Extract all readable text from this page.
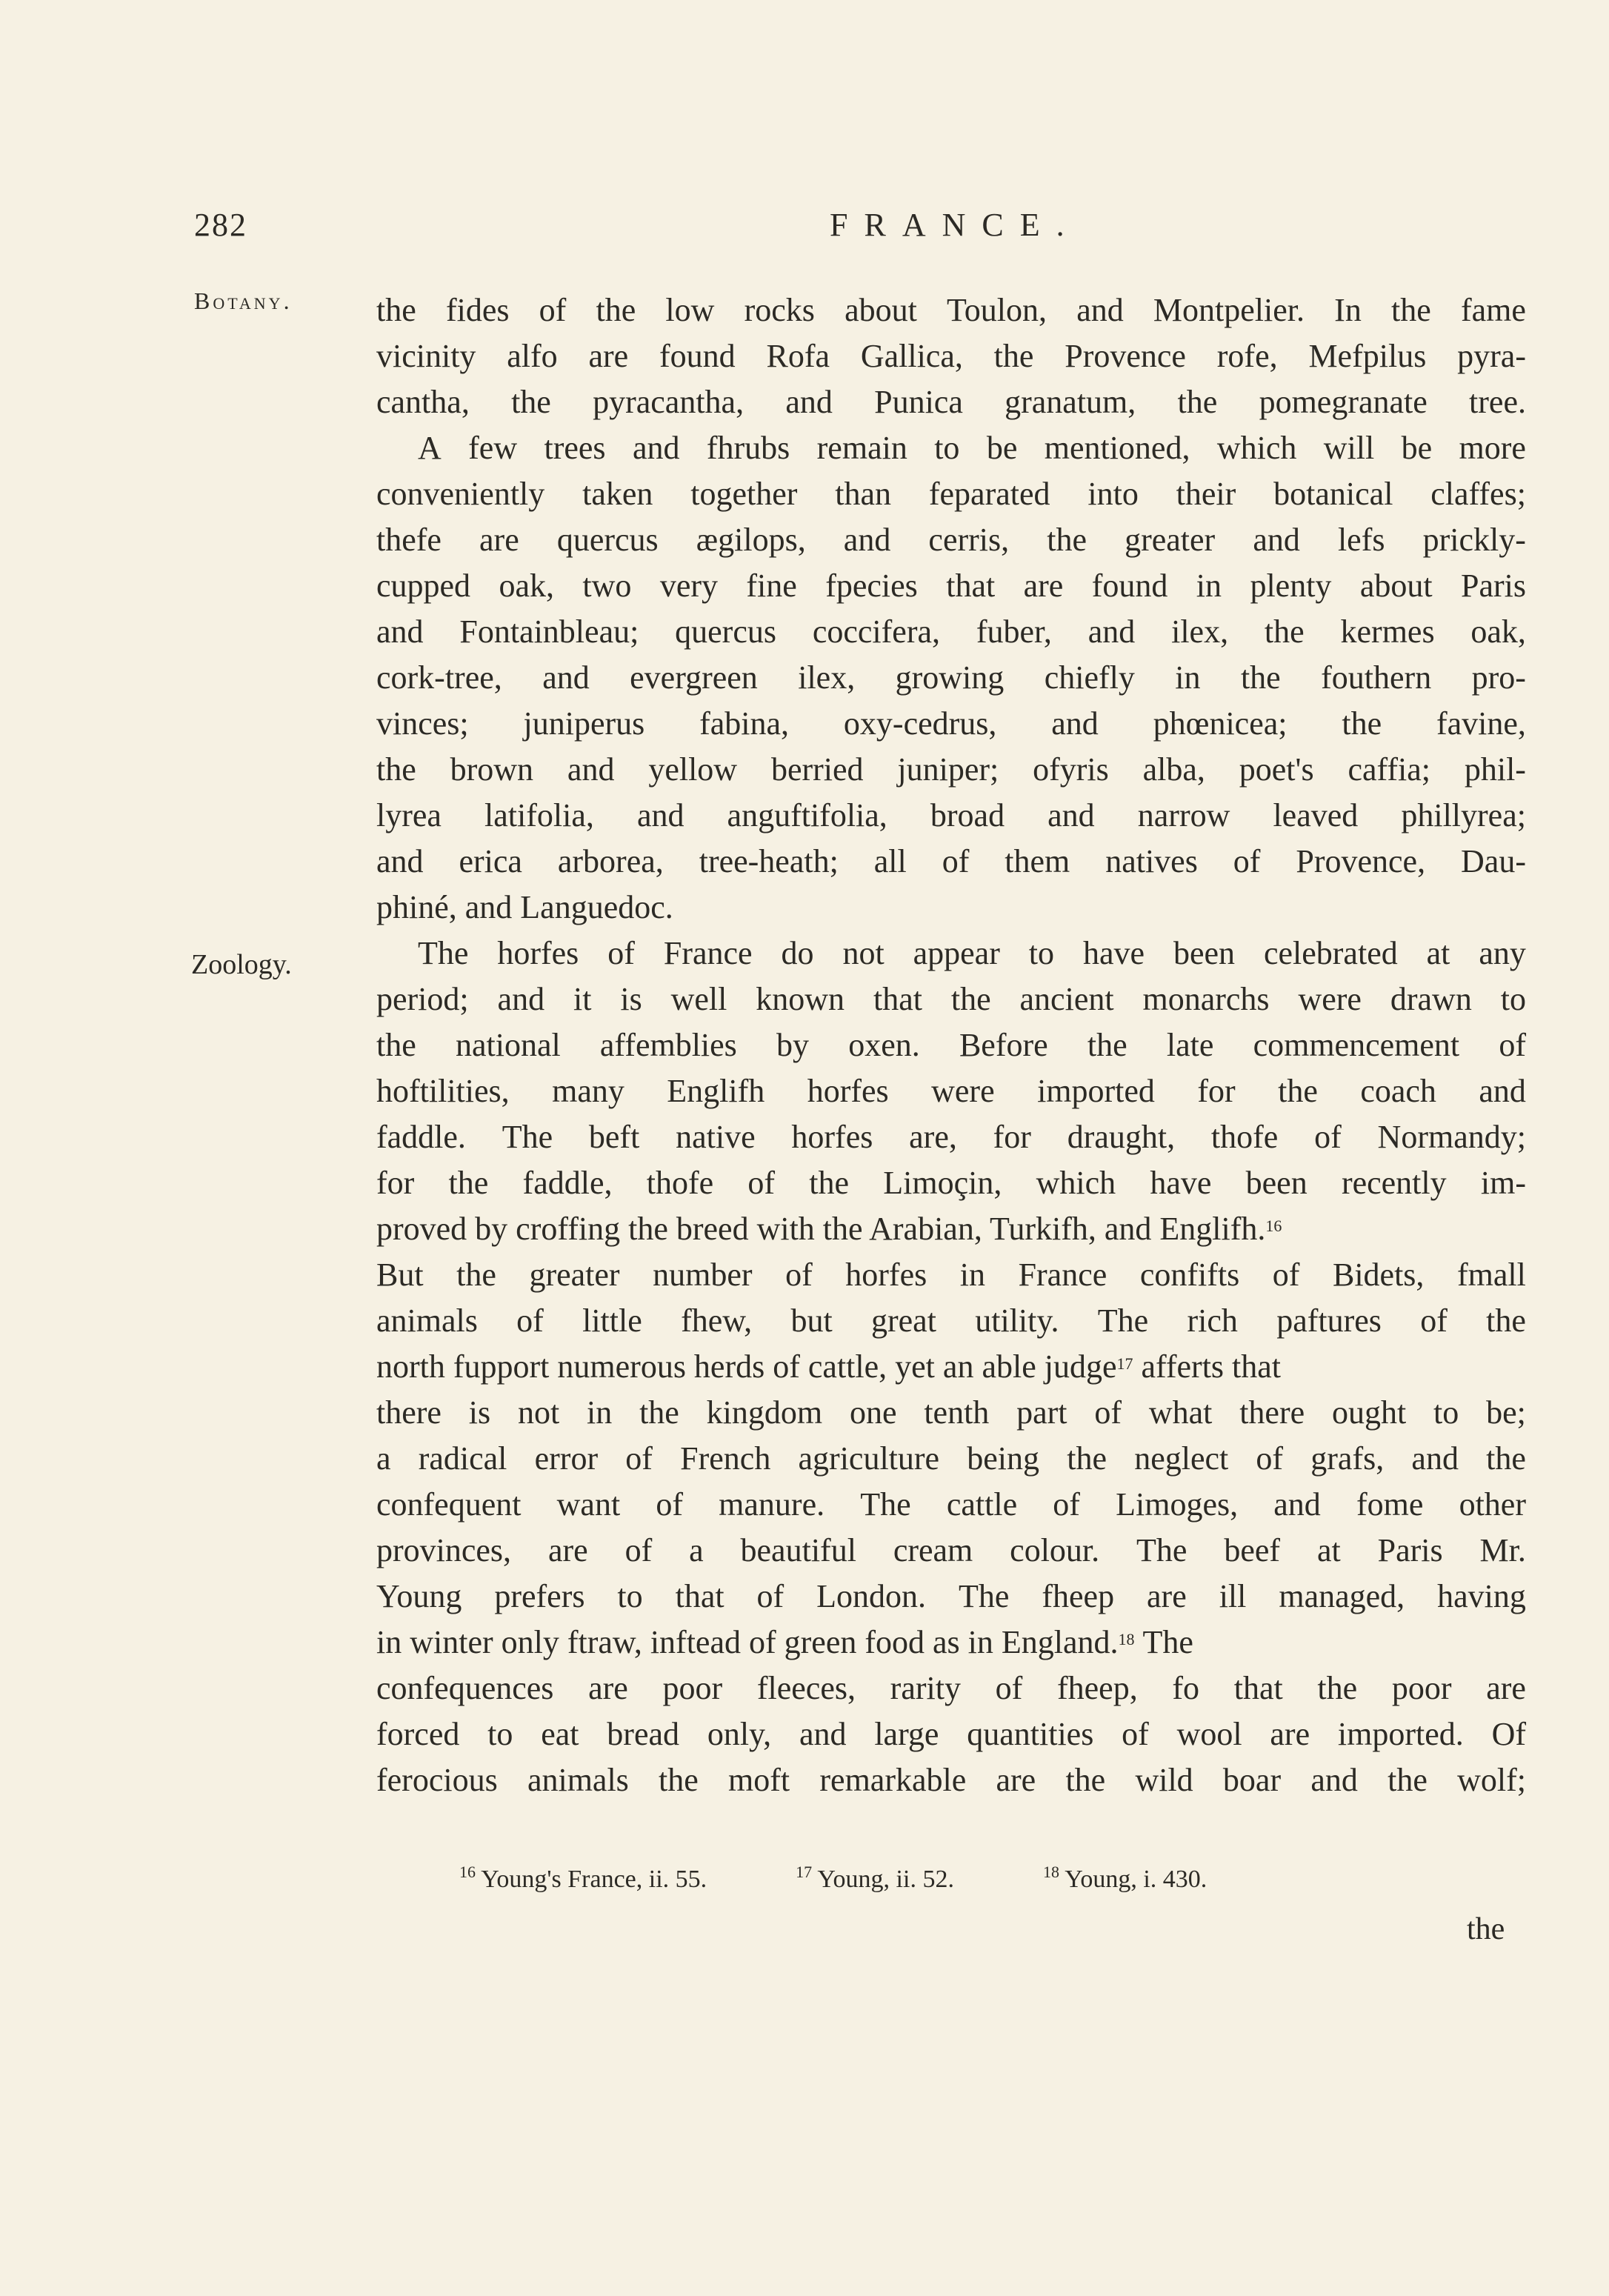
282	FRANCE.
Botany.
Zoology.
the fides of the low rocks about Toulon, and Montpelier. In the fame
vicinity alfo are found Rofa Gallica, the Provence rofe, Mefpilus pyra-
cantha, the pyracantha, and Punica granatum, the pomegranate tree.
A few trees and fhrubs remain to be mentioned, which will be more
conveniently taken together than feparated into their botanical claffes;
thefe are quercus ægilops, and cerris, the greater and lefs prickly-
cupped oak, two very fine fpecies that are found in plenty about Paris
and Fontainbleau; quercus coccifera, fuber, and ilex, the kermes oak,
cork-tree, and evergreen ilex, growing chiefly in the fouthern pro-
vinces; juniperus fabina, oxy-cedrus, and phœnicea; the favine,
the brown and yellow berried juniper; ofyris alba, poet's caffia; phil-
lyrea latifolia, and anguftifolia, broad and narrow leaved phillyrea;
and erica arborea, tree-heath; all of them natives of Provence, Dau-
phiné, and Languedoc.
The horfes of France do not appear to have been celebrated at any
period; and it is well known that the ancient monarchs were drawn to
the national affemblies by oxen. Before the late commencement of
hoftilities, many Englifh horfes were imported for the coach and
faddle. The beft native horfes are, for draught, thofe of Normandy;
for the faddle, thofe of the Limoçin, which have been recently im-
proved by croffing the breed with the Arabian, Turkifh, and Englifh.$^{16}$
But the greater number of horfes in France confifts of Bidets, fmall
animals of little fhew, but great utility. The rich paftures of the
north fupport numerous herds of cattle, yet an able judge$^{17}$ afferts that
there is not in the kingdom one tenth part of what there ought to be;
a radical error of French agriculture being the neglect of grafs, and the
confequent want of manure. The cattle of Limoges, and fome other
provinces, are of a beautiful cream colour. The beef at Paris Mr.
Young prefers to that of London. The fheep are ill managed, having
in winter only ftraw, inftead of green food as in England.$^{18}$ The
confequences are poor fleeces, rarity of fheep, fo that the poor are
forced to eat bread only, and large quantities of wool are imported. Of
ferocious animals the moft remarkable are the wild boar and the wolf;
$^{16}$ Young's France, ii. 55.	$^{17}$ Young, ii. 52.	$^{18}$ Young, i. 430.
the
